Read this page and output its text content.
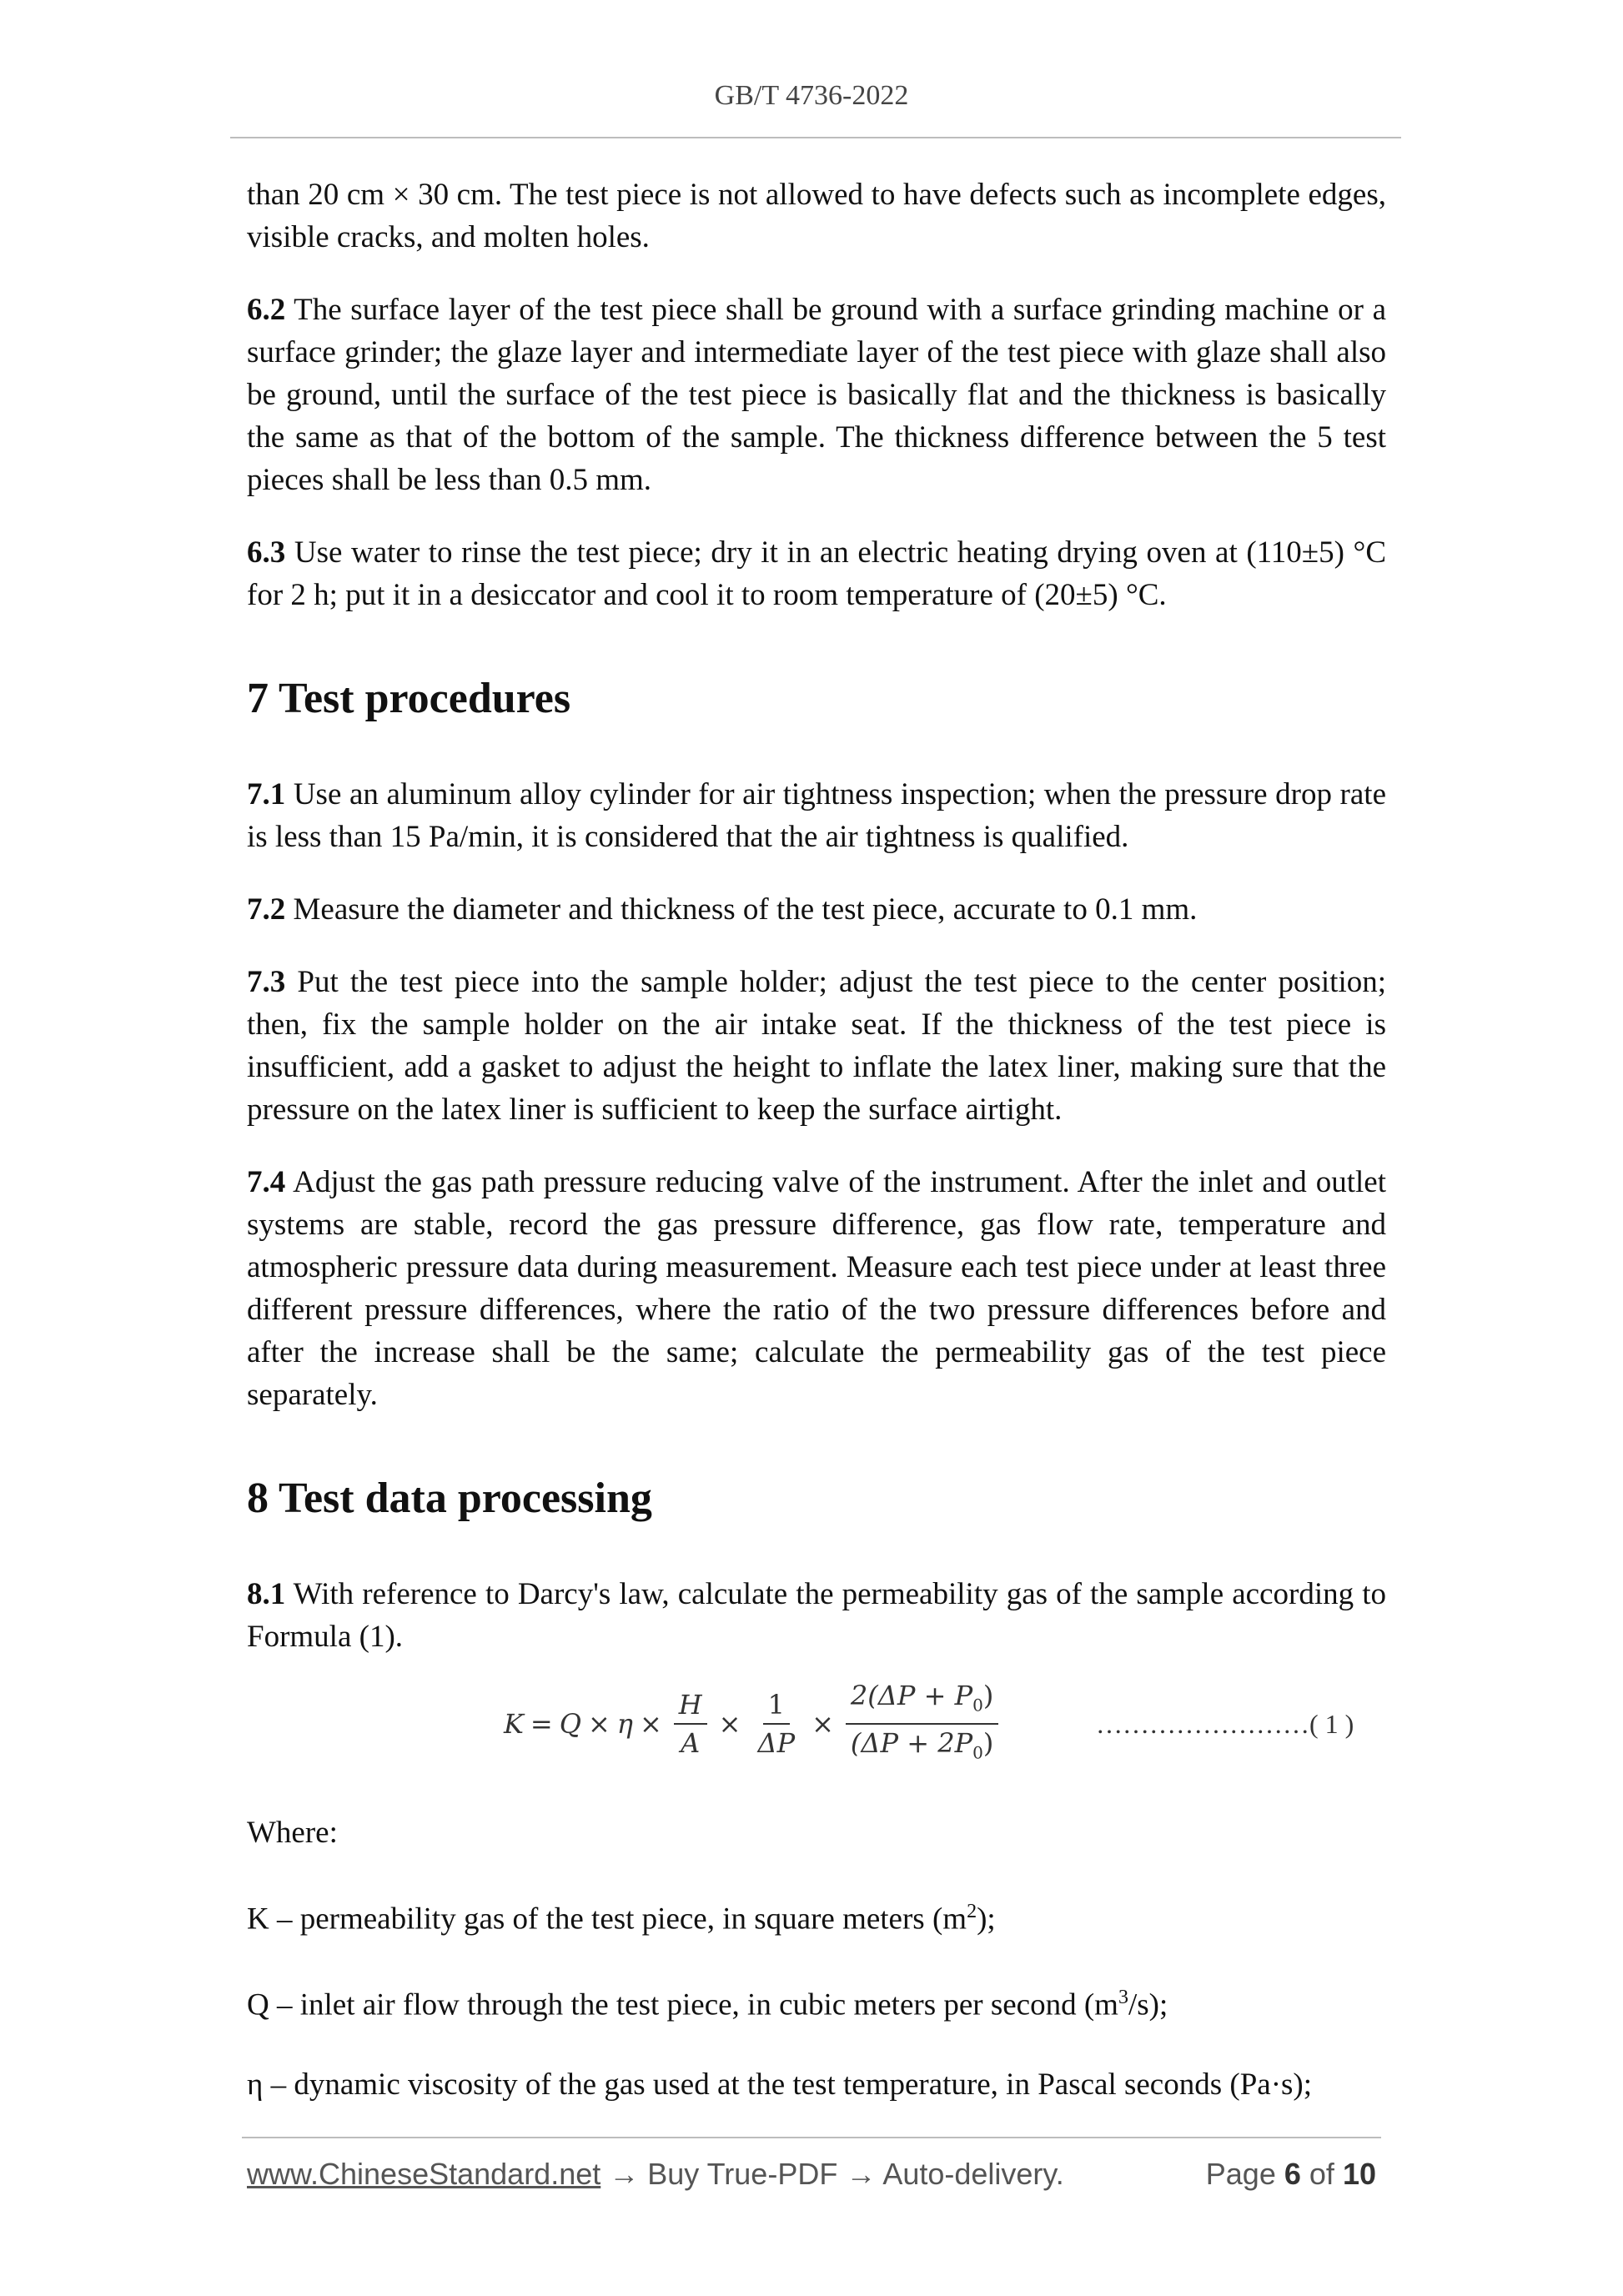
GB/T 4736-2022

than 20 cm × 30 cm. The test piece is not allowed to have defects such as incomplete edges, visible cracks, and molten holes.

6.2 The surface layer of the test piece shall be ground with a surface grinding machine or a surface grinder; the glaze layer and intermediate layer of the test piece with glaze shall also be ground, until the surface of the test piece is basically flat and the thickness is basically the same as that of the bottom of the sample. The thickness difference between the 5 test pieces shall be less than 0.5 mm.

6.3 Use water to rinse the test piece; dry it in an electric heating drying oven at (110±5) °C for 2 h; put it in a desiccator and cool it to room temperature of (20±5) °C.

7 Test procedures

7.1 Use an aluminum alloy cylinder for air tightness inspection; when the pressure drop rate is less than 15 Pa/min, it is considered that the air tightness is qualified.

7.2 Measure the diameter and thickness of the test piece, accurate to 0.1 mm.

7.3 Put the test piece into the sample holder; adjust the test piece to the center position; then, fix the sample holder on the air intake seat. If the thickness of the test piece is insufficient, add a gasket to adjust the height to inflate the latex liner, making sure that the pressure on the latex liner is sufficient to keep the surface airtight.

7.4 Adjust the gas path pressure reducing valve of the instrument. After the inlet and outlet systems are stable, record the gas pressure difference, gas flow rate, temperature and atmospheric pressure data during measurement. Measure each test piece under at least three different pressure differences, where the ratio of the two pressure differences before and after the increase shall be the same; calculate the permeability gas of the test piece separately.

8 Test data processing

8.1 With reference to Darcy's law, calculate the permeability gas of the sample according to Formula (1).

$K = Q \times \eta \times \frac{H}{A} \times \frac{1}{\Delta P} \times \frac{2(\Delta P + P_0)}{(\Delta P + 2P_0)}$	……………………( 1 )

Where:

K – permeability gas of the test piece, in square meters $(m^2)$;

Q – inlet air flow through the test piece, in cubic meters per second $(m^3/s)$;

η – dynamic viscosity of the gas used at the test temperature, in Pascal seconds (Pa·s);

www.ChineseStandard.net → Buy True-PDF → Auto-delivery.	Page 6 of 10
